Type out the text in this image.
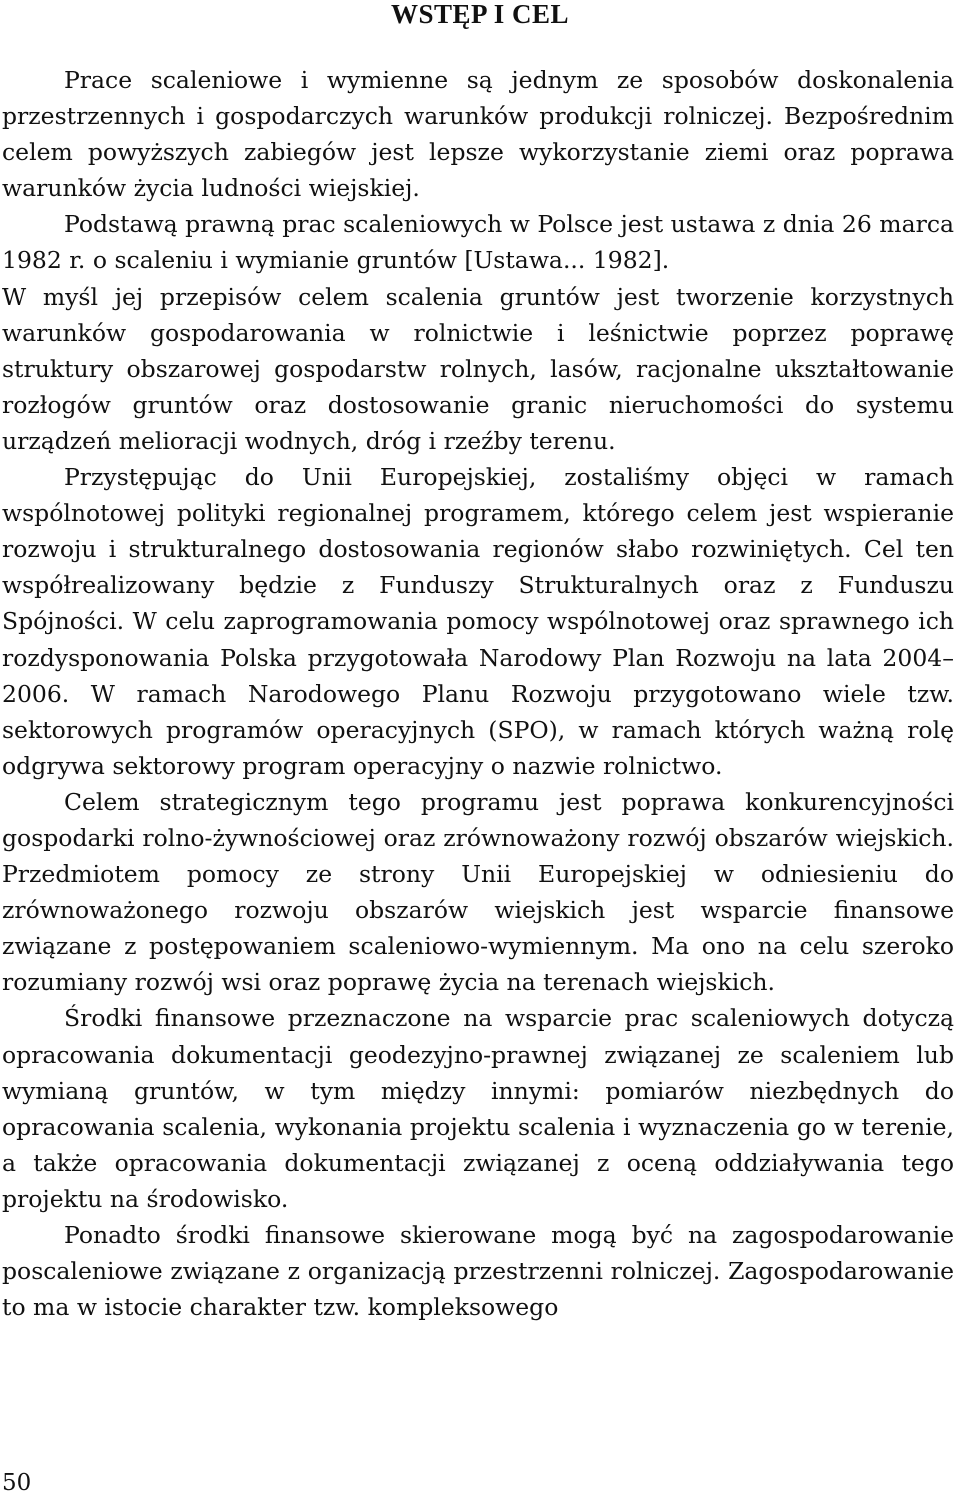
WSTĘP I CEL

Prace scaleniowe i wymienne są jednym ze sposobów doskonalenia przestrzennych i gospodarczych warunków produkcji rolniczej. Bezpośrednim celem powyższych zabiegów jest lepsze wykorzystanie ziemi oraz poprawa warunków życia ludności wiejskiej.

Podstawą prawną prac scaleniowych w Polsce jest ustawa z dnia 26 marca 1982 r. o scaleniu i wymianie gruntów [Ustawa... 1982].

W myśl jej przepisów celem scalenia gruntów jest tworzenie korzystnych warunków gospodarowania w rolnictwie i leśnictwie poprzez poprawę struktury obszarowej gospodarstw rolnych, lasów, racjonalne ukształtowanie rozłogów gruntów oraz dostosowanie granic nieruchomości do systemu urządzeń melioracji wodnych, dróg i rzeźby terenu.

Przystępując do Unii Europejskiej, zostaliśmy objęci w ramach wspólnotowej polityki regionalnej programem, którego celem jest wspieranie rozwoju i strukturalnego dostosowania regionów słabo rozwiniętych. Cel ten współrealizowany będzie z Funduszy Strukturalnych oraz z Funduszu Spójności. W celu zaprogramowania pomocy wspólnotowej oraz sprawnego ich rozdysponowania Polska przygotowała Narodowy Plan Rozwoju na lata 2004–2006. W ramach Narodowego Planu Rozwoju przygotowano wiele tzw. sektorowych programów operacyjnych (SPO), w ramach których ważną rolę odgrywa sektorowy program operacyjny o nazwie rolnictwo.

Celem strategicznym tego programu jest poprawa konkurencyjności gospodarki rolno-żywnościowej oraz zrównoważony rozwój obszarów wiejskich. Przedmiotem pomocy ze strony Unii Europejskiej w odniesieniu do zrównoważonego rozwoju obszarów wiejskich jest wsparcie finansowe związane z postępowaniem scaleniowo-wymiennym. Ma ono na celu szeroko rozumiany rozwój wsi oraz poprawę życia na terenach wiejskich.

Środki finansowe przeznaczone na wsparcie prac scaleniowych dotyczą opracowania dokumentacji geodezyjno-prawnej związanej ze scaleniem lub wymianą gruntów, w tym między innymi: pomiarów niezbędnych do opracowania scalenia, wykonania projektu scalenia i wyznaczenia go w terenie, a także opracowania dokumentacji związanej z oceną oddziaływania tego projektu na środowisko.

Ponadto środki finansowe skierowane mogą być na zagospodarowanie poscaleniowe związane z organizacją przestrzenni rolniczej. Zagospodarowanie to ma w istocie charakter tzw. kompleksowego

50
